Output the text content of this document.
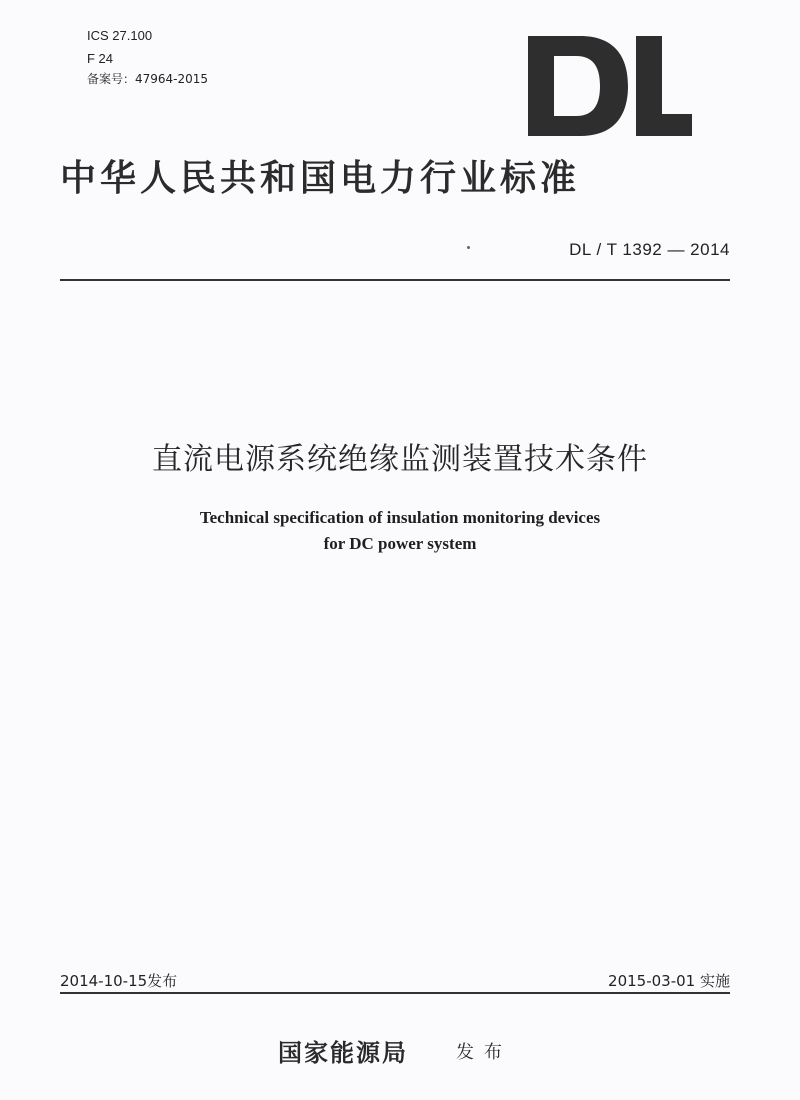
ICS 27.100
F 24
备案号：47964-2015
中华人民共和国电力行业标准
DL / T 1392 — 2014
直流电源系统绝缘监测装置技术条件
Technical specification of insulation monitoring devices
for DC power system
2014-10-15发布	2015-03-01 实施
国家能源局	发布
